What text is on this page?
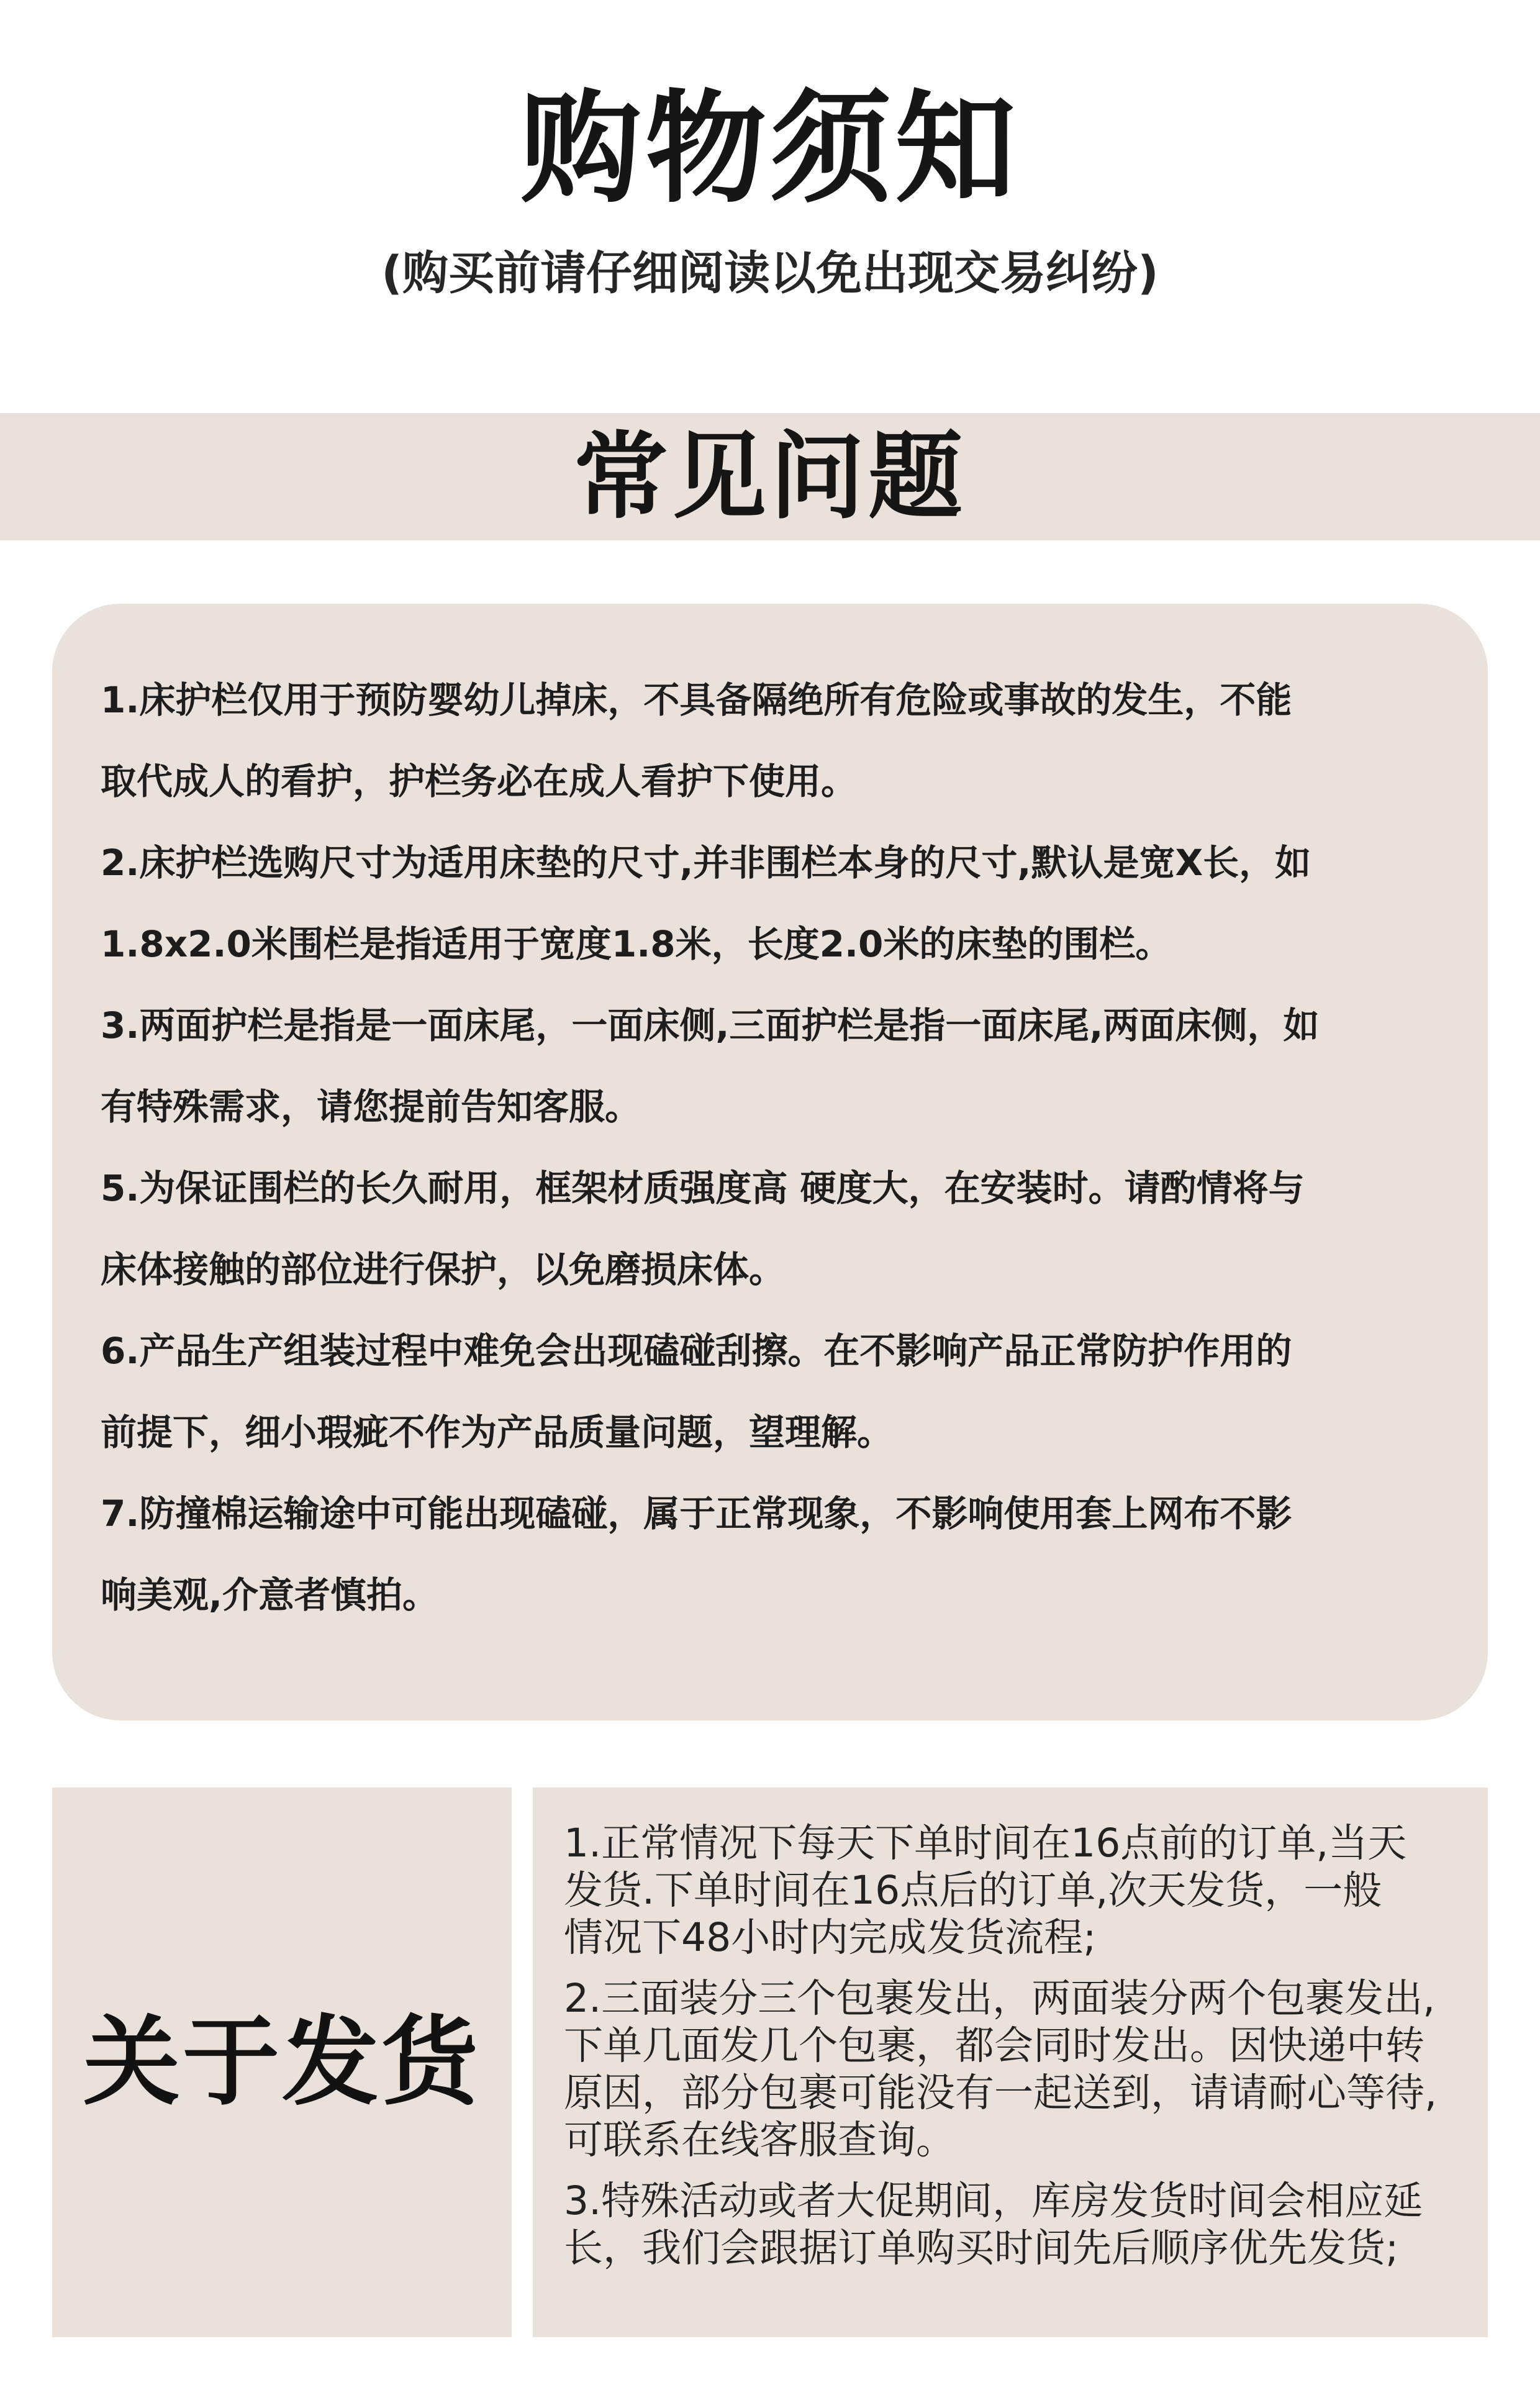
购物须知

(购买前请仔细阅读以免出现交易纠纷)

常见问题
1.床护栏仅用于预防婴幼儿掉床，不具备隔绝所有危险或事故的发生，不能
取代成人的看护，护栏务必在成人看护下使用。
2.床护栏选购尺寸为适用床垫的尺寸,并非围栏本身的尺寸,默认是宽X长，如
1.8x2.0米围栏是指适用于宽度1.8米，长度2.0米的床垫的围栏。
3.两面护栏是指是一面床尾，一面床侧,三面护栏是指一面床尾,两面床侧，如
有特殊需求，请您提前告知客服。
5.为保证围栏的长久耐用，框架材质强度高 硬度大，在安装时。请酌情将与
床体接触的部位进行保护，以免磨损床体。
6.产品生产组装过程中难免会出现磕碰刮擦。在不影响产品正常防护作用的
前提下，细小瑕疵不作为产品质量问题，望理解。
7.防撞棉运输途中可能出现磕碰，属于正常现象，不影响使用套上网布不影
响美观,介意者慎拍。
关于发货
1.正常情况下每天下单时间在16点前的订单,当天
发货.下单时间在16点后的订单,次天发货，一般
情况下48小时内完成发货流程;
2.三面装分三个包裹发出，两面装分两个包裹发出,
下单几面发几个包裹，都会同时发出。因快递中转
原因，部分包裹可能没有一起送到，请请耐心等待,
可联系在线客服查询。
3.特殊活动或者大促期间，库房发货时间会相应延
长，我们会跟据订单购买时间先后顺序优先发货;
